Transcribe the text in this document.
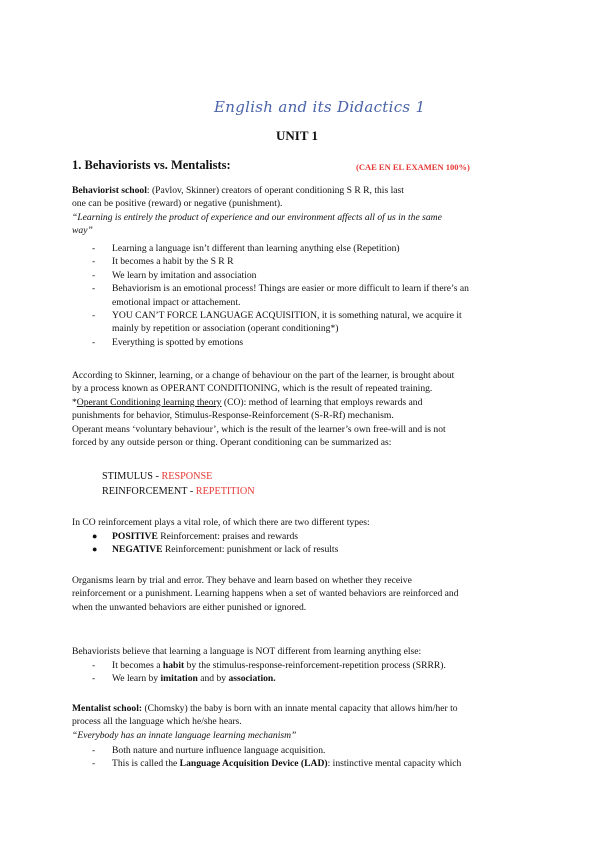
English and its Didactics 1
UNIT 1
1. Behaviorists vs. Mentalists:	(CAE EN EL EXAMEN 100%)
Behaviorist school: (Pavlov, Skinner) creators of operant conditioning S R R, this last
one can be positive (reward) or negative (punishment).
“Learning is entirely the product of experience and our environment affects all of us in the same
way”
-	Learning a language isn’t different than learning anything else (Repetition)
-	It becomes a habit by the S R R
-	We learn by imitation and association
-	Behaviorism is an emotional process! Things are easier or more difficult to learn if there’s an
emotional impact or attachement.
-	YOU CAN’T FORCE LANGUAGE ACQUISITION, it is something natural, we acquire it
mainly by repetition or association (operant conditioning*)
-	Everything is spotted by emotions
According to Skinner, learning, or a change of behaviour on the part of the learner, is brought about
by a process known as OPERANT CONDITIONING, which is the result of repeated training.
*Operant Conditioning learning theory (CO): method of learning that employs rewards and
punishments for behavior, Stimulus-Response-Reinforcement (S-R-Rf) mechanism.
Operant means ‘voluntary behaviour’, which is the result of the learner’s own free-will and is not
forced by any outside person or thing. Operant conditioning can be summarized as:
STIMULUS - RESPONSE
REINFORCEMENT - REPETITION
In CO reinforcement plays a vital role, of which there are two different types:
●	POSITIVE Reinforcement: praises and rewards
●	NEGATIVE Reinforcement: punishment or lack of results
Organisms learn by trial and error. They behave and learn based on whether they receive
reinforcement or a punishment. Learning happens when a set of wanted behaviors are reinforced and
when the unwanted behaviors are either punished or ignored.
Behaviorists believe that learning a language is NOT different from learning anything else:
-	It becomes a habit by the stimulus-response-reinforcement-repetition process (SRRR).
-	We learn by imitation and by association.
Mentalist school: (Chomsky) the baby is born with an innate mental capacity that allows him/her to
process all the language which he/she hears.
“Everybody has an innate language learning mechanism”
-	Both nature and nurture influence language acquisition.
-	This is called the Language Acquisition Device (LAD): instinctive mental capacity which
